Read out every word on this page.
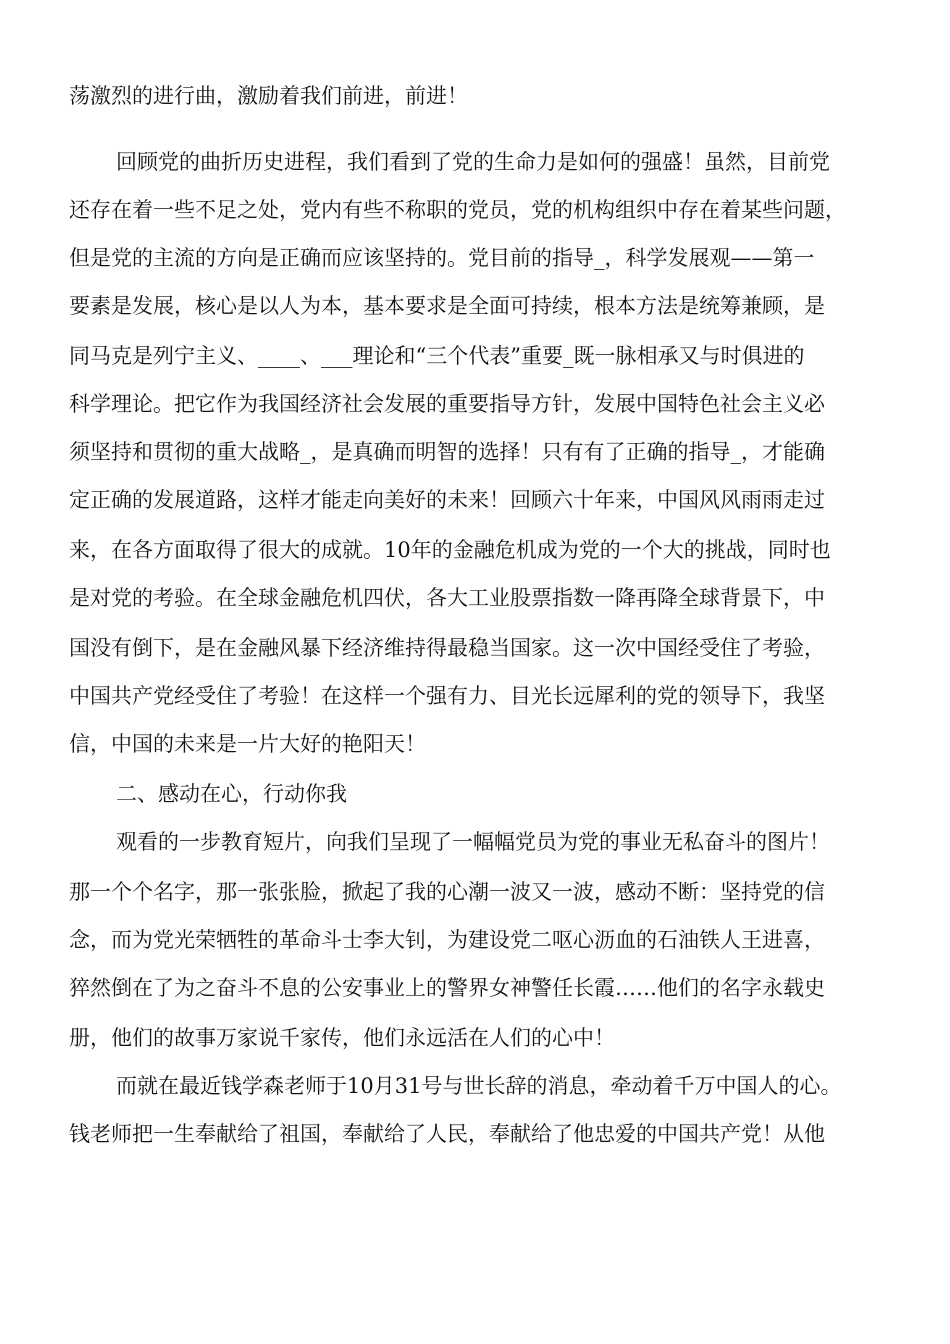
荡激烈的进行曲，激励着我们前进，前进！
回顾党的曲折历史进程，我们看到了党的生命力是如何的强盛！虽然，目前党
还存在着一些不足之处，党内有些不称职的党员，党的机构组织中存在着某些问题，
但是党的主流的方向是正确而应该坚持的。党目前的指导_，科学发展观——第一
要素是发展，核心是以人为本，基本要求是全面可持续，根本方法是统筹兼顾，是
同马克是列宁主义、____、___理论和“三个代表”重要_既一脉相承又与时俱进的
科学理论。把它作为我国经济社会发展的重要指导方针，发展中国特色社会主义必
须坚持和贯彻的重大战略_，是真确而明智的选择！只有有了正确的指导_，才能确
定正确的发展道路，这样才能走向美好的未来！回顾六十年来，中国风风雨雨走过
来，在各方面取得了很大的成就。10年的金融危机成为党的一个大的挑战，同时也
是对党的考验。在全球金融危机四伏，各大工业股票指数一降再降全球背景下，中
国没有倒下，是在金融风暴下经济维持得最稳当国家。这一次中国经受住了考验，
中国共产党经受住了考验！在这样一个强有力、目光长远犀利的党的领导下，我坚
信，中国的未来是一片大好的艳阳天！
二、感动在心，行动你我
观看的一步教育短片，向我们呈现了一幅幅党员为党的事业无私奋斗的图片！
那一个个名字，那一张张脸，掀起了我的心潮一波又一波，感动不断：坚持党的信
念，而为党光荣牺牲的革命斗士李大钊，为建设党二呕心沥血的石油铁人王进喜，
猝然倒在了为之奋斗不息的公安事业上的警界女神警任长霞……他们的名字永载史
册，他们的故事万家说千家传，他们永远活在人们的心中！
而就在最近钱学森老师于10月31号与世长辞的消息，牵动着千万中国人的心。
钱老师把一生奉献给了祖国，奉献给了人民，奉献给了他忠爱的中国共产党！从他
